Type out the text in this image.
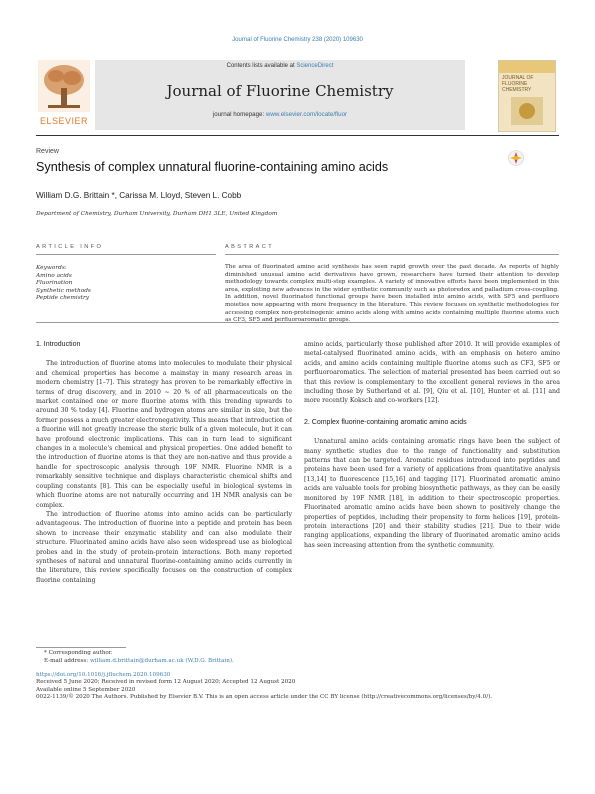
Journal of Fluorine Chemistry 238 (2020) 109630
ELSEVIER
Contents lists available at ScienceDirect
Journal of Fluorine Chemistry
journal homepage: www.elsevier.com/locate/fluor
JOURNAL OF
FLUORINE
CHEMISTRY
Review
Synthesis of complex unnatural fluorine-containing amino acids
William D.G. Brittain *, Carissa M. Lloyd, Steven L. Cobb
Department of Chemistry, Durham University, Durham DH1 3LE, United Kingdom
ARTICLE INFO	ABSTRACT
Keywords:
Amino acids
Fluorination
Synthetic methods
Peptide chemistry
The area of fluorinated amino acid synthesis has seen rapid growth over the past decade. As reports of highly diminished unusual amino acid derivatives have grown, researchers have turned their attention to develop methodology towards complex multi-step examples. A variety of innovative efforts have been implemented in this area, exploiting new advances in the wider synthetic community such as photoredox and palladium cross-coupling. In addition, novel fluorinated functional groups have been installed into amino acids, with SF5 and perfluoro moieties now appearing with more frequency in the literature. This review focuses on synthetic methodologies for accessing complex non-proteinogenic amino acids along with amino acids containing multiple fluorine atoms such as CF3, SF5 and perfluoroaromatic groups.
1. Introduction

The introduction of fluorine atoms into molecules to modulate their physical and chemical properties has become a mainstay in many research areas in modern chemistry [1–7]. This strategy has proven to be remarkably effective in terms of drug discovery, and in 2010 ~ 20 % of all pharmaceuticals on the market contained one or more fluorine atoms with this trending upwards to around 30 % today [4]. Fluorine and hydrogen atoms are similar in size, but the former possess a much greater electronegativity. This means that introduction of a fluorine will not greatly increase the steric bulk of a given molecule, but it can have profound electronic implications. This can in turn lead to significant changes in a molecule's chemical and physical properties. One added benefit to the introduction of fluorine atoms is that they are non-native and thus provide a handle for spectroscopic analysis through 19F NMR. Fluorine NMR is a remarkably sensitive technique and displays characteristic chemical shifts and coupling constants [8]. This can be especially useful in biological systems in which fluorine atoms are not naturally occurring and 1H NMR analysis can be complex.

The introduction of fluorine atoms into amino acids can be particularly advantageous. The introduction of fluorine into a peptide and protein has been shown to increase their enzymatic stability and can also modulate their structure. Fluorinated amino acids have also seen widespread use as biological probes and in the study of protein-protein interactions. Both many reported syntheses of natural and unnatural fluorine-containing amino acids currently in the literature, this review specifically focuses on the construction of complex fluorine containing

amino acids, particularly those published after 2010. It will provide examples of metal-catalysed fluorinated amino acids, with an emphasis on hetero amino acids, and amino acids containing multiple fluorine atoms such as CF3, SF5 or perfluoroaromatics. The selection of material presented has been carried out so that this review is complementary to the excellent general reviews in the area including those by Sutherland et al. [9], Qiu et al. [10], Hunter et al. [11] and more recently Koksch and co-workers [12].

2. Complex fluorine-containing aromatic amino acids

Unnatural amino acids containing aromatic rings have been the subject of many synthetic studies due to the range of functionality and substitution patterns that can be targeted. Aromatic residues introduced into peptides and proteins have been used for a variety of applications from quantitative analysis [13,14] to fluorescence [15,16] and tagging [17]. Fluorinated aromatic amino acids are valuable tools for probing biosynthetic pathways, as they can be easily monitored by 19F NMR [18], in addition to their spectroscopic properties. Fluorinated aromatic amino acids have been shown to positively change the properties of peptides, including their propensity to form helices [19], protein-protein interactions [20] and their stability studies [21]. Due to their wide ranging applications, expanding the library of fluorinated aromatic amino acids has seen increasing attention from the synthetic community.

* Corresponding author.
E-mail address: william.d.brittain@durham.ac.uk (W.D.G. Brittain).
https://doi.org/10.1016/j.jfluchem.2020.109630
Received 5 June 2020; Received in revised form 12 August 2020; Accepted 12 August 2020
Available online 5 September 2020
0022-1139/© 2020 The Authors. Published by Elsevier B.V. This is an open access article under the CC BY license (http://creativecommons.org/licenses/by/4.0/).
